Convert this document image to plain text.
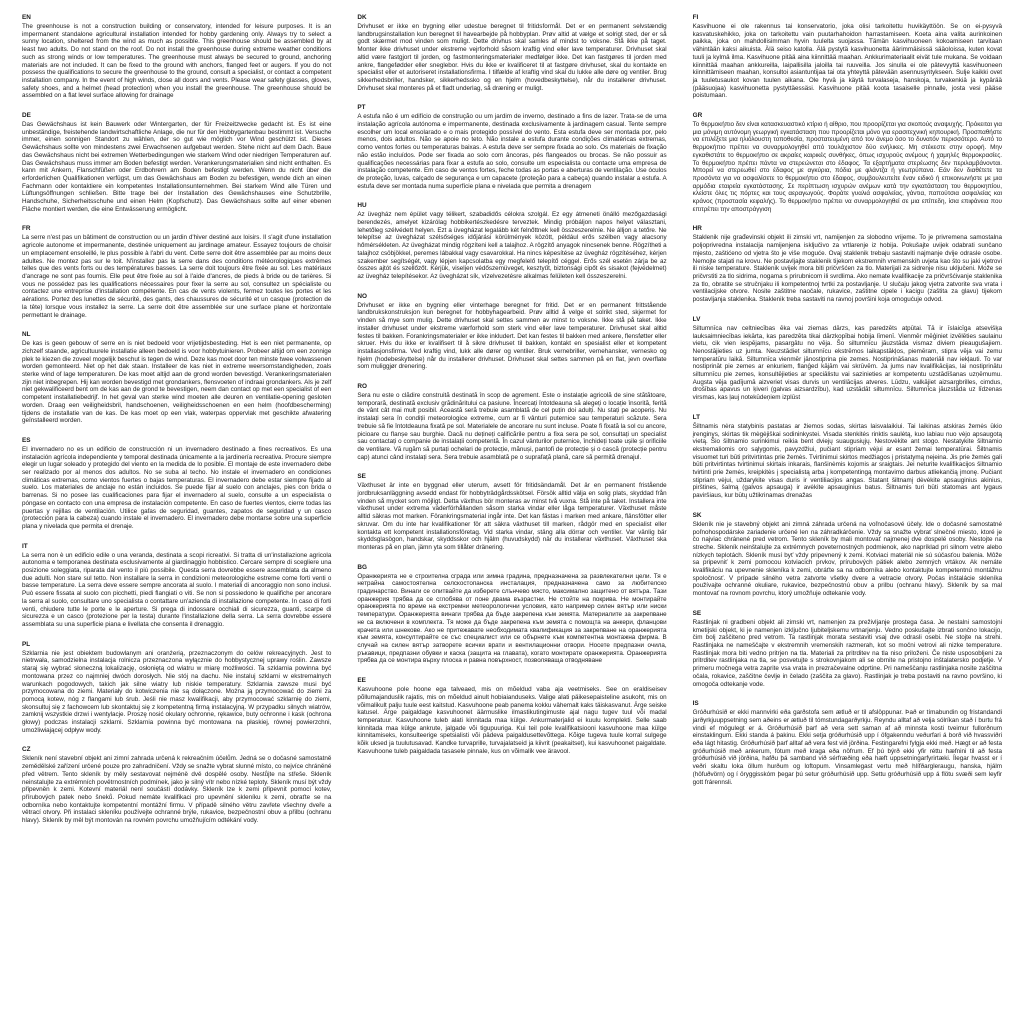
EN

The greenhouse is not a construction building or conservatory, intended for leisure purposes. It is an impermanent standalone agricultural installation intended for hobby gardening only. Always try to select a sunny location, sheltered from the wind as much as possible. This greenhouse should be assembled by at least two adults. Do not stand on the roof. Do not install the greenhouse during extreme weather conditions such as strong winds or low temperatures. The greenhouse must always be secured to ground, anchoring materials are not included. It can be fixed to the ground with anchors, flanged feet or augers. If you do not possess the qualifications to secure the greenhouse to the ground, consult a specialist, or contact a competent installation company. In the event of high winds, close all doors and vents. Please wear safety glasses, gloves, safety shoes, and a helmet (head protection) when you install the greenhouse. The greenhouse should be assembled on a flat level surface allowing for drainage

DE

Das Gewächshaus ist kein Bauwerk oder Wintergarten, der für Freizeitzwecke gedacht ist. Es ist eine unbeständige, freistehende landwirtschaftliche Anlage, die nur für den Hobbygartenbau bestimmt ist. Versuche immer, einen sonnigen Standort zu wählen, der so gut wie möglich vor Wind geschützt ist. Dieses Gewächshaus sollte von mindestens zwei Erwachsenen aufgebaut werden. Stehe nicht auf dem Dach. Baue das Gewächshaus nicht bei extremen Wetterbedingungen wie starkem Wind oder niedrigen Temperaturen auf. Das Gewächshaus muss immer am Boden befestigt werden. Verankerungsmaterialien sind nicht enthalten. Es kann mit Ankern, Flanschfüßen oder Erdbohrern am Boden befestigt werden. Wenn du nicht über die erforderlichen Qualifikationen verfügst, um das Gewächshaus am Boden zu befestigen, wende dich an einen Fachmann oder kontaktiere ein kompetentes Installationsunternehmen. Bei starkem Wind alle Türen und Lüftungsöffnungen schließen. Bitte trage bei der Installation des Gewächshauses eine Schutzbrille, Handschuhe, Sicherheitsschuhe und einen Helm (Kopfschutz). Das Gewächshaus sollte auf einer ebenen Fläche montiert werden, die eine Entwässerung ermöglicht.

FR

La serre n'est pas un bâtiment de construction ou un jardin d'hiver destiné aux loisirs. Il s'agit d'une installation agricole autonome et impermanente, destinée uniquement au jardinage amateur. Essayez toujours de choisir un emplacement ensoleillé, le plus possible à l'abri du vent. Cette serre doit être assemblée par au moins deux adultes. Ne montez pas sur le toit. N'installez pas la serre dans des conditions météorologiques extrêmes telles que des vents forts ou des températures basses. La serre doit toujours être fixée au sol. Les matériaux d'ancrage ne sont pas fournis. Elle peut être fixée au sol à l'aide d'ancres, de pieds à bride ou de tarières. Si vous ne possédez pas les qualifications nécessaires pour fixer la serre au sol, consultez un spécialiste ou contactez une entreprise d'installation compétente. En cas de vents violents, fermez toutes les portes et les aérations. Portez des lunettes de sécurité, des gants, des chaussures de sécurité et un casque (protection de la tête) lorsque vous installez la serre. La serre doit être assemblée sur une surface plane et horizontale permettant le drainage.

NL

De kas is geen gebouw of serre en is niet bedoeld voor vrijetijdsbesteding. Het is een niet permanente, op zichzelf staande, agricultuurele installatie alleen bedoeld is voor hobbytuinieren. Probeer altijd om een zonnige plek te kiezen die zoveel mogelijk beschut is tegen de wind. Deze kas moet door ten minste twee volwassenen worden gemonteerd. Niet op het dak staan. Installeer de kas niet in extreme weersomstandigheden, zoals sterke wind of lage temperaturen. De kas moet altijd aan de grond worden bevestigd. Verankeringsmaterialen zijn niet inbegrepen. Hij kan worden bevestigd met grondankers, flensvoeten of indraai grondankers. Als je zelf niet gekwalificeerd bent om de kas aan de grond te bevestigen, neem dan contact op met een specialist of een competent installatiebedrijf. In het geval van sterke wind moeten alle deuren en ventilatie-opening gesloten worden. Draag een veiligheidsbril, handschoenen, veiligheidsschoenen en een helm (hoofdbescherming) tijdens de installatie van de kas. De kas moet op een vlak, waterpas oppervlak met geschikte afwatering geïnstalleerd worden.

ES

El invernadero no es un edificio de construcción ni un invernadero destinado a fines recreativos. Es una instalación agrícola independiente y temporal destinada únicamente a la jardinería recreativa. Procure siempre elegir un lugar soleado y protegido del viento en la medida de lo posible. El montaje de este invernadero debe ser realizado por al menos dos adultos. No se suba al techo. No instale el invernadero en condiciones climáticas extremas, como vientos fuertes o bajas temperaturas. El invernadero debe estar siempre fijado al suelo. Los materiales de anclaje no están incluidos. Se puede fijar al suelo con anclajes, pies con brida o barrenas. Si no posee las cualificaciones para fijar el invernadero al suelo, consulte a un especialista o póngase en contacto con una empresa de instalación competente. En caso de fuertes vientos, cierre todas las puertas y rejillas de ventilación. Utilice gafas de seguridad, guantes, zapatos de seguridad y un casco (protección para la cabeza) cuando instale el invernadero. El invernadero debe montarse sobre una superficie plana y nivelada que permita el drenaje.

IT

La serra non è un edificio edile o una veranda, destinata a scopi ricreativi. Si tratta di un'installazione agricola autonoma e temporanea destinata esclusivamente al giardinaggio hobbistico. Cercare sempre di scegliere una posizione soleggiata, riparata dal vento il più possibile. Questa serra dovrebbe essere assemblata da almeno due adulti. Non stare sul tetto. Non installare la serra in condizioni meteorologiche estreme come forti venti o basse temperature. La serra deve essere sempre ancorata al suolo. I materiali di ancoraggio non sono inclusi. Può essere fissata al suolo con picchetti, piedi flangiati o viti. Se non si possiedono le qualifiche per ancorare la serra al suolo, consultare uno specialista o contattare un'azienda di installazione competente. In caso di forti venti, chiudere tutte le porte e le aperture. Si prega di indossare occhiali di sicurezza, guanti, scarpe di sicurezza e un casco (protezione per la testa) durante l'installazione della serra. La serra dovrebbe essere assemblata su una superficie piana e livellata che consenta il drenaggio.

PL

Szklarnia nie jest obiektem budowlanym ani oranżerią, przeznaczonym do celów rekreacyjnych. Jest to nietrwała, samodzielna instalacja rolnicza przeznaczona wyłącznie do hobbystycznej uprawy roślin. Zawsze staraj się wybrać słoneczną lokalizację, osłoniętą od wiatru w miarę możliwości. Ta szklarnia powinna być montowana przez co najmniej dwóch dorosłych. Nie stój na dachu. Nie instaluj szklarni w ekstremalnych warunkach pogodowych, takich jak silne wiatry lub niskie temperatury. Szklarnia zawsze musi być przymocowana do ziemi. Materiały do kotwiczenia nie są dołączone. Można ją przymocować do ziemi za pomocą kotew, nóg z flangami lub śrub. Jeśli nie masz kwalifikacji, aby przymocować szklarnię do ziemi, skonsultuj się z fachowcem lub skontaktuj się z kompetentną firmą instalacyjną. W przypadku silnych wiatrów, zamknij wszystkie drzwi i wentylacje. Proszę nosić okulary ochronne, rękawice, buty ochronne i kask (ochrona głowy) podczas instalacji szklarni. Szklarnia powinna być montowana na płaskiej, równej powierzchni, umożliwiającej odpływ wody.

CZ

Skleník není stavební objekt ani zimní zahrada určená k rekreačním účelům. Jedná se o dočasné samostatně zemědělské zařízení určené pouze pro zahradničení. Vždy se snažte vybrat slunné místo, co nejvíce chráněné před větrem. Tento skleník by měly sestavovat nejméně dvě dospělé osoby. Nestůjte na střeše. Skleník neinstalujte za extrémních povětrnostních podmínek, jako je silný vítr nebo nízké teploty. Skleník musí být vždy připevněn k zemi. Kotevní materiál není součástí dodávky. Skleník lze k zemi připevnit pomocí kotev, přírubových patek nebo šneků. Pokud nemáte kvalifikaci pro upevnění skleníku k zemi, obraťte se na odborníka nebo kontaktujte kompetentní montážní firmu. V případě silného větru zavřete všechny dveře a větrací otvory. Při instalaci skleníku používejte ochranné brýle, rukavice, bezpečnostní obuv a přilbu (ochranu hlavy). Skleník by měl být montován na rovném povrchu umožňujícím odtékání vody.

DK

Drivhuset er ikke en bygning eller udestue beregnet til fritidsformål. Det er en permanent selvstændig landbrugsinstallation kun beregnet til havearbejde på hobbyplan. Prøv altid at vælge et solrigt sted, der er så godt skærmet mod vinden som muligt. Dette drivhus skal samles af mindst to voksne. Stå ikke på taget. Monter ikke drivhuset under ekstreme vejrforhold såsom kraftig vind eller lave temperaturer. Drivhuset skal altid være fastgjort til jorden, og fastmonteringsmaterialer medfølger ikke. Det kan fastgøres til jorden med ankre, flangefødder eller sneglebor. Hvis du ikke er kvalificeret til at fastgøre drivhuset, skal du kontakte en specialist eller et autoriseret installationsfirma. I tilfælde af kraftig vind skal du lukke alle døre og ventiler. Brug sikkerhedsbriller, handsker, sikkerhedssko og en hjelm (hovedbeskyttelse), når du installerer drivhuset. Drivhuset skal monteres på et fladt underlag, så dræning er muligt.

PT

A estufa não é um edifício de construção ou um jardim de inverno, destinado a fins de lazer. Trata-se de uma instalação agrícola autónoma e impermanente, destinada exclusivamente à jardinagem casual. Tente sempre escolher um local ensolarado e o mais protegido possível do vento. Esta estufa deve ser montada por, pelo menos, dois adultos. Não se apoie no teto. Não instale a estufa durante condições climatéricas extremas, como ventos fortes ou temperaturas baixas. A estufa deve ser sempre fixada ao solo. Os materiais de fixação não estão incluídos. Pode ser fixada ao solo com âncoras, pés flangeados ou brocas. Se não possuir as qualificações necessárias para fixar a estufa ao solo, consulte um especialista ou contacte uma empresa de instalação competente. Em caso de ventos fortes, feche todas as portas e aberturas de ventilação. Use óculos de proteção, luvas, calçado de segurança e um capacete (proteção para a cabeça) quando instalar a estufa. A estufa deve ser montada numa superfície plana e nivelada que permita a drenagem

HU

Az üvegház nem épület vagy télikert, szabadidős célokra szolgál. Ez egy átmeneti önálló mezőgazdasági berendezés, amelyet kizárólag hobbikertészkedésre terveztek. Mindig próbáljon napos helyet választani, lehetőleg szélvédett helyen. Ezt a üvegházat legalább két felnőttnek kell összeszerelnie. Ne álljon a tetőre. Ne telepítse az üvegházat szélsőséges időjárási körülmények között, például erős szélben vagy alacsony hőmérsékleten. Az üvegházat mindig rögzíteni kell a talajhoz. A rögzítő anyagok nincsenek benne. Rögzítheti a talajhoz csöbjökkel, peremes lábakkal vagy csavarokkal. Ha nincs képesítése az üvegház rögzítéséhez, kérjen szakember segítségét, vagy lépjen kapcsolatba egy megfelelő telepítő céggel. Erős szél esetén zárja be az összes ajtót és szellőzőt. Kérjük, viseljen védőszemüveget, kesztyűt, biztonsági cipőt és sisakot (fejvédelmet) az üvegház telepítésekor. Az üvegházat sík, vízelvezetésre alkalmas felületen kell összeszerelni.

NO

Drivhuset er ikke en bygning eller vinterhage beregnet for fritid. Det er en permanent frittstående landbrukskonstruksjon kun beregnet for hobbyhagearbeid. Prøv alltid å velge et solrikt sted, skjermet for vinden så mye som mulig. Dette drivhuset skal settes sammen av minst to voksne. Ikke stå på taket. Ikke installer drivhuset under ekstreme værforhold som sterk vind eller lave temperaturer. Drivhuset skal alltid festes til bakken. Forankringsmaterialer er ikke inkludert. Det kan festes til bakken med ankere, flensføtter eller skruer. Hvis du ikke er kvalifisert til å sikre drivhuset til bakken, kontakt en spesialist eller et kompetent installasjonsfirma. Ved kraftig vind, lukk alle dører og ventiler. Bruk vernebriller, vernehansker, vernesko og hjelm (hodebeskyttelse) når du installerer drivhuset. Drivhuset skal settes sammen på en flat, jevn overflate som muliggjør drenering.

RO

Sera nu este o clădire construită destinată în scop de agrement. Este o instalație agricolă de sine stătătoare, temporară, destinată exclusiv grădinăritului ca pasiune. Încercați întotdeauna să alegeți o locație însorită, ferită de vânt cât mai mult posibil. Această seră trebuie asamblată de cel puțin doi adulți. Nu stați pe acoperiș. Nu instalați sera în condiții meteorologice extreme, cum ar fi vânturi puternice sau temperaturi scăzute. Sera trebuie să fie întotdeauna fixată pe sol. Materialele de ancorare nu sunt incluse. Poate fi fixată la sol cu ancore, picioare cu flanșe sau burghie. Dacă nu dețineți calificările pentru a fixa sera pe sol, consultați un specialist sau contactați o companie de instalații competentă. În cazul vânturilor puternice, închideți toate ușile și orificiile de ventilare. Vă rugăm să purtați ochelari de protecție, mănuși, pantofi de protecție și o cască (protecție pentru cap) atunci când instalați sera. Sera trebuie asamblată pe o suprafață plană, care să permită drenajul.

SE

Växthuset är inte en byggnad eller uterum, avsett för fritidsändamål. Det är en permanent fristående jordbruksanläggning avsedd endast för hobbyträdgårdsskötsel. Försök alltid välja en solig plats, skyddad från vinden så mycket som möjligt. Detta växthus bör monteras av minst två vuxna. Stå inte på taket. Installera inte växthuset under extrema väderförhållanden såsom starka vindar eller låga temperaturer. Växthuset måste alltid säkras mot marken. Förankringsmaterial ingår inte. Det kan fästas i marken med ankare, flänsfötter eller skruvar. Om du inte har kvalifikationer för att säkra växthuset till marken, rådgör med en specialist eller kontakta ett kompetent installationsföretag. Vid starka vindar, stäng alla dörrar och ventiler. Var vänlig bär skyddsglasögon, handskar, skyddsskor och hjälm (huvudskydd) när du installerar växthuset. Växthuset ska monteras på en plan, jämn yta som tillåter dränering.

BG

Оранжерията не е строителна сграда или зимна градина, предназначена за развлекателни цели. Тя е нетрайна самостоятелна селскостопанска инсталация, предназначена само за любителско градинарство. Винаги се опитвайте да изберете слънчево място, максимално защитено от вятъра. Тази оранжерия трябва да се сглобява от поне двама възрастни. Не стойте на покрива. Не монтирайте оранжерията по време на екстремни метеорологични условия, като например силен вятър или ниски температури. Оранжерията винаги трябва да бъде закрепена към земята. Материалите за закрепване не са включени в комплекта. Тя може да бъде закрепена към земята с помощта на анкери, фланцови крачета или шнекове. Ако не притежавате необходимата квалификация за закрепване на оранжерията към земята, консултирайте се със специалист или се обърнете към компетентна монтажна фирма. В случай на силен вятър затворете всички врати и вентилационни отвори. Носете предпазни очила, ръкавици, предпазни обувки и каска (защита на главата), когато монтирате оранжерията. Оранжерията трябва да се монтира върху плоска и равна повърхност, позволяваща отводняване

EE

Kasvuhoone pole hoone ega talveaed, mis on mõeldud vaba aja veetmiseks. See on eraldiseisev põllumajanduslik rajatis, mis on mõeldud ainult hobiaianduseks. Valige alati päikesepaisteline asukoht, mis on võimalikult palju tuule eest kaitstud. Kasvuhoone peab panema kokku vähemalt kaks täiskasvanut. Ärge seiske katusel. Ärge paigaldage kasvuhoonet äärmuslike ilmastikutingimuste ajal nagu tugev tuul või madal temperatuur. Kasvuhoone tuleb alati kinnitada maa külge. Ankurmaterjalid ei kuulu komplekti. Selle saab kinnitada maa külge ankrute, jalgade või tigupuuriga. Kui teil pole kvalifikatsiooni kasvuhoone maa külge kinnitamiseks, konsulteerige spetsialisti või pädeva paigaldusettevõttega. Kõige tugeva tuule korral sulgege kõik uksed ja tuulutusavad. Kandke turvaprille, turvajalatseid ja kiivrit (peakaitset), kui kasvuhoonet paigaldate. Kasvuhoone tuleb paigaldada tasasele pinnale, kus on võimalik vee äravool.

FI

Kasvihuone ei ole rakennus tai konservatorio, joka olisi tarkoitettu huvikäyttöön. Se on ei-pysyvä kasvatuskehikko, joka on tarkoitettu vain puutarhahoidon harrastamiseen. Koeta aina valita aurinkoinen paikka, joka on mahdollisimman hyvin tuulelta suojassa. Tämän kasvihuoneen kokoamiseen tarvitaan vähintään kaksi aikuista. Älä seiso katolla. Älä pystytä kasvihuonetta äärimmäisissä sääoloissa, kuten kovat tuuli ja kylmä ilma. Kasvihuone pitää aina kiinnittää maahan. Ankkurimateriaalit eivät tule mukana. Se voidaan kiinnittää maahan ankkureilla, laipallisilla jaloilla tai ruuveilla. Jos sinulla ei ole pätevyyttä kasvihuoneen kiinnittämiseen maahan, konsultoi asiantuntijaa tai ota yhteyttä pätevään asennusyritykseen. Sulje kaikki ovet ja tuuletusaukot kovan tuulen aikana. Ole hyvä ja käytä turvalaseja, hanskoja, turvakenkiä ja kypärää (pääsuojaa) kasvihuonetta pystyttäessäsi. Kasvihuone pitää koota tasaiselle pinnalle, josta vesi pääse poistumaan.

GR

Το θερμοκήπιο δεν είναι κατασκευαστικό κτίριο ή αίθριο, που προορίζεται για σκοπούς αναψυχής. Πρόκειται για μια μόνιμη αυτόνομη γεωργική εγκατάσταση που προορίζεται μόνο για ερασιτεχνική κηπουρική. Προσπαθήστε να επιλέξετε μια ηλιόλουστη τοποθεσία, προστατευμένη από τον άνεμο όσο το δυνατόν περισσότερο. Αυτό το θερμοκήπιο πρέπει να συναρμολογηθεί από τουλάχιστον δύο ενήλικες. Μη στέκεστε στην οροφή. Μην εγκαθιστάτε το θερμοκήπιο σε ακραίες καιρικές συνθήκες, όπως ισχυρούς ανέμους ή χαμηλές θερμοκρασίες. Το θερμοκήπιο πρέπει πάντα να στερεώνεται στο έδαφος. Τα εξαρτήματα στερέωσης δεν περιλαμβάνονται. Μπορεί να στερεωθεί στο έδαφος με αγκύρια, πόδια με φλάντζα ή γεωτρύπανα. Εάν δεν διαθέτετε τα προσόντα για να ασφαλίσετε το θερμοκήπιο στο έδαφος, συμβουλευτείτε έναν ειδικό ή επικοινωνήστε με μια αρμόδια εταιρεία εγκατάστασης. Σε περίπτωση ισχυρών ανέμων κατά την εγκατάσταση του θερμοκηπίου, κλείστε όλες τις πόρτες και τους αεραγωγούς. Φοράτε γυαλιά ασφαλείας, γάντια, παπούτσια ασφαλείας και κράνος (προστασία κεφαλής). Το θερμοκήπιο πρέπει να συναρμολογηθεί σε μια επίπεδη, ίσια επιφάνεια που επιτρέπει την αποστράγγιση

HR

Staklenik nije građevinski objekt ili zimski vrt, namijenjen za slobodno vrijeme. To je privremena samostalna poljoprivredna instalacija namijenjena isključivo za vrtlarenje iz hobija. Pokušajte uvijek odabrati sunčano mjesto, zaštićeno od vjetra što je više moguće. Ovaj staklenik trebaju sastaviti najmanje dvije odrasle osobe. Nemojte stajati na krovu. Ne postavljajte staklenik tijekom ekstremnih vremenskih uvjeta kao što su jaki vjetrovi ili niske temperature. Staklenik uvijek mora biti pričvršćen za tlo. Materijali za sidrenje nisu uključeni. Može se pričvrstiti za tlo sidrima, nogama s prirubnicom ili svrdlima. Ako nemate kvalifikacije za pričvršćivanje staklenika za tlo, obratite se stručnjaku ili kompetentnoj tvrtki za postavljanje. U slučaju jakog vjetra zatvorite sva vrata i ventilacijske otvore. Nosite zaštitne naočale, rukavice, zaštitne cipele i kacigu (zaštita za glavu) tijekom postavljanja staklenika. Staklenik treba sastaviti na ravnoj površini koja omogućuje odvod.

LV

Siltumnīca nav celtniecības ēka vai ziemas dārzs, kas paredzēts atpūtai. Tā ir īslaicīga atsevišķa lauksaimniecības iekārta, kas paredzēta tikai dārzkopībai hobija līmenī. Vienmēr mēģiniet izvēlēties saulainu vietu, cik vien iespējams, pasargātu no vēja. Šo siltumnīcu jāuzstāda vismaz diviem pieaugušajiem. Nenostājieties uz jumta. Neuzstādiet siltumnīcu ekstrēmos laikapstākļos, piemēram, stipra vēja vai zemu temperatūru laikā. Siltumnīca vienmēr jānostiprina pie zemes. Nostiprināšanas materiāli nav iekļauti. To var nostiprināt pie zemes ar enkuriem, flanģed kājām vai skrūvēm. Ja jums nav kvalifikācijas, lai nostiprinātu siltumnīcu pie zemes, konsultējieties ar speciālistu vai sazinieties ar kompetentu uzstādīšanas uzņēmumu. Augsta vēja gadījumā aizveriet visas durvis un ventilācijas atveres. Lūdzu, valkājiet aizsargbrilles, cimdus, drošības apavus un ķiveri (galvas aizsardzību), kad uzstādāt siltumnīcu. Siltumnīca jāuzstāda uz līdzenas virsmas, kas ļauj notekūdeņiem izplūst

LT

Šiltnamis nėra statybinis pastatas ar žiemos sodas, skirtas laisvalaikiui. Tai laikinas atskiras žemės ūkio įrenginys, skirtas tik mėgėjiškai sodininkystei. Visada stenkitės rinktis saulėtą, kuo labiau nuo vėjo apsaugotą vietą. Šio šiltnamio surinkimui reikia bent dviejų suaugusiųjų. Nestovėkite ant stogo. Nestatykite šiltnamio ekstremaliomis oro sąlygomis, pavyzdžiui, pučiant stipriam vėjui ar esant žemai temperatūrai. Šiltnamis visuomet turi būti pritvirtintas prie žemės. Tvirtinimui skirtos medžiagos į pristatymą neįeina. Jis prie žemės gali būti pritvirtintas tvirtinimui skirtais inkarais, flanšinėmis kojomis ar sraigtais. Jei neturite kvalifikacijos šiltnamio tvirtinti prie žemės, kreipkitės į specialistą arba į kompetentingą montavimo darbus atliekančią įmonę. Pučiant stipriam vėjui, uždarykite visas duris ir ventiliacijos angas. Statant šiltnamį dėvėkite apsauginius akinius, pirštines, šalmą (galvos apsauga) ir avėkite apsauginius batus. Šiltnamis turi būti statomas ant lygaus paviršiaus, kur būtų užtikrinamas drenažas

SK

Skleník nie je stavebný objekt ani zimná záhrada určená na voľnočasové účely. Ide o dočasné samostatné poľnohospodárske zariadenie určené len na záhradkárčenie. Vždy sa snažte vybrať slnečné miesto, ktoré je čo najviac chránené pred vetrom. Tento skleník by mali montovať najmenej dve dospelé osoby. Nestojte na streche. Skleník neinštalujte za extrémnych poveternostných podmienok, ako napríklad pri silnom vetre alebo nízkych teplotách. Skleník musí byť vždy pripevnený k zemi. Kotviaci materiál nie sú súčasťou balenia. Môže sa pripevniť k zemi pomocou kotviacich prvkov, prírubových pätiek alebo zemných vrtákov. Ak nemáte kvalifikáciu na upevnenie skleníka k zemi, obráťte sa na odborníka alebo kontaktujte kompetentnú montážnu spoločnosť. V prípade silného vetra zatvorte všetky dvere a vetracie otvory. Počas inštalácie skleníka používajte ochranné okuliare, rukavice, bezpečnostnú obuv a prilbu (ochranu hlavy). Skleník by sa mal montovať na rovnom povrchu, ktorý umožňuje odtekanie vody.

SE

Rastlinjak ni gradbeni objekt ali zimski vrt, namenjen za preživljanje prostega časa. Je nestalni samostojni kmetijski objekt, ki je namenjen izključno ljubiteljskemu vrtnarjenju. Vedno poskušajte izbrati sončno lokacijo, čim bolj zaščiteno pred vetrom. Ta rastlinjak morata sestaviti vsaj dve odrasli osebi. Ne stojte na strehi. Rastlinjaka ne nameščajte v ekstremnih vremenskih razmerah, kot so močni vetrovi ali nizke temperature. Rastlinjak mora biti vedno pritrjen na tla. Materiali za pritrditev na tla niso priloženi. Če niste usposobljeni za pritrditev rastlinjaka na tla, se posvetujte s strokovnjakom ali se obrnite na pristojno inštalatersko podjetje. V primeru močnega vetra zaprite vsa vrata in prezračevalne odprtine. Pri nameščanju rastlinjaka nosite zaščitna očala, rokavice, zaščitne čevlje in čelado (zaščita za glavo). Rastlinjak je treba postaviti na ravno površino, ki omogoča odtekanje vode.

IS

Gróðurhúsið er ekki mannvirki eða garðstofa sem ætluð er til afslöppunar. Það er tímabundin og fristandandi jarðyrkjuuppsetning sem aðeins er ætluð til tómstundagarðyrkju. Reyndu alltaf að velja sólríkan stað í burtu frá vindi ef mögulegt er á. Gróðurhúsið þarf að vera sett saman af að minnsta kosti tveimur fullorðnum einstaklingum. Ekki standa á þakinu. Ekki setja gróðurhúsið upp í öfgakenndu veðurfari á borð við hvassviðri eða lágt hitastig. Gróðurhúsið þarf alltaf að vera fest við jörðina. Festingarefni fylgja ekki með. Hægt er að festa gróðurhúsið með ankerum, fótum með kraga eða nöfrum. Ef þú býrð ekki yfir réttu hæfnini til að festa gróðurhúsið við jörðina, hafðu þá samband við sérfræðing eða hæft uppsetningarfyrirtæki. Ílegar hvasst er í veðri skaltu loka öllum hurðum og loftopum. Vinsamlegast vertu með hlífðargleraugu, hanska, hjálm (höfuðvörn) og í öryggisskóm þegar þú setur gróðurhúsið upp. Settu gróðurhúsið upp á flötu svæði sem leyfir gott frárennsli.
